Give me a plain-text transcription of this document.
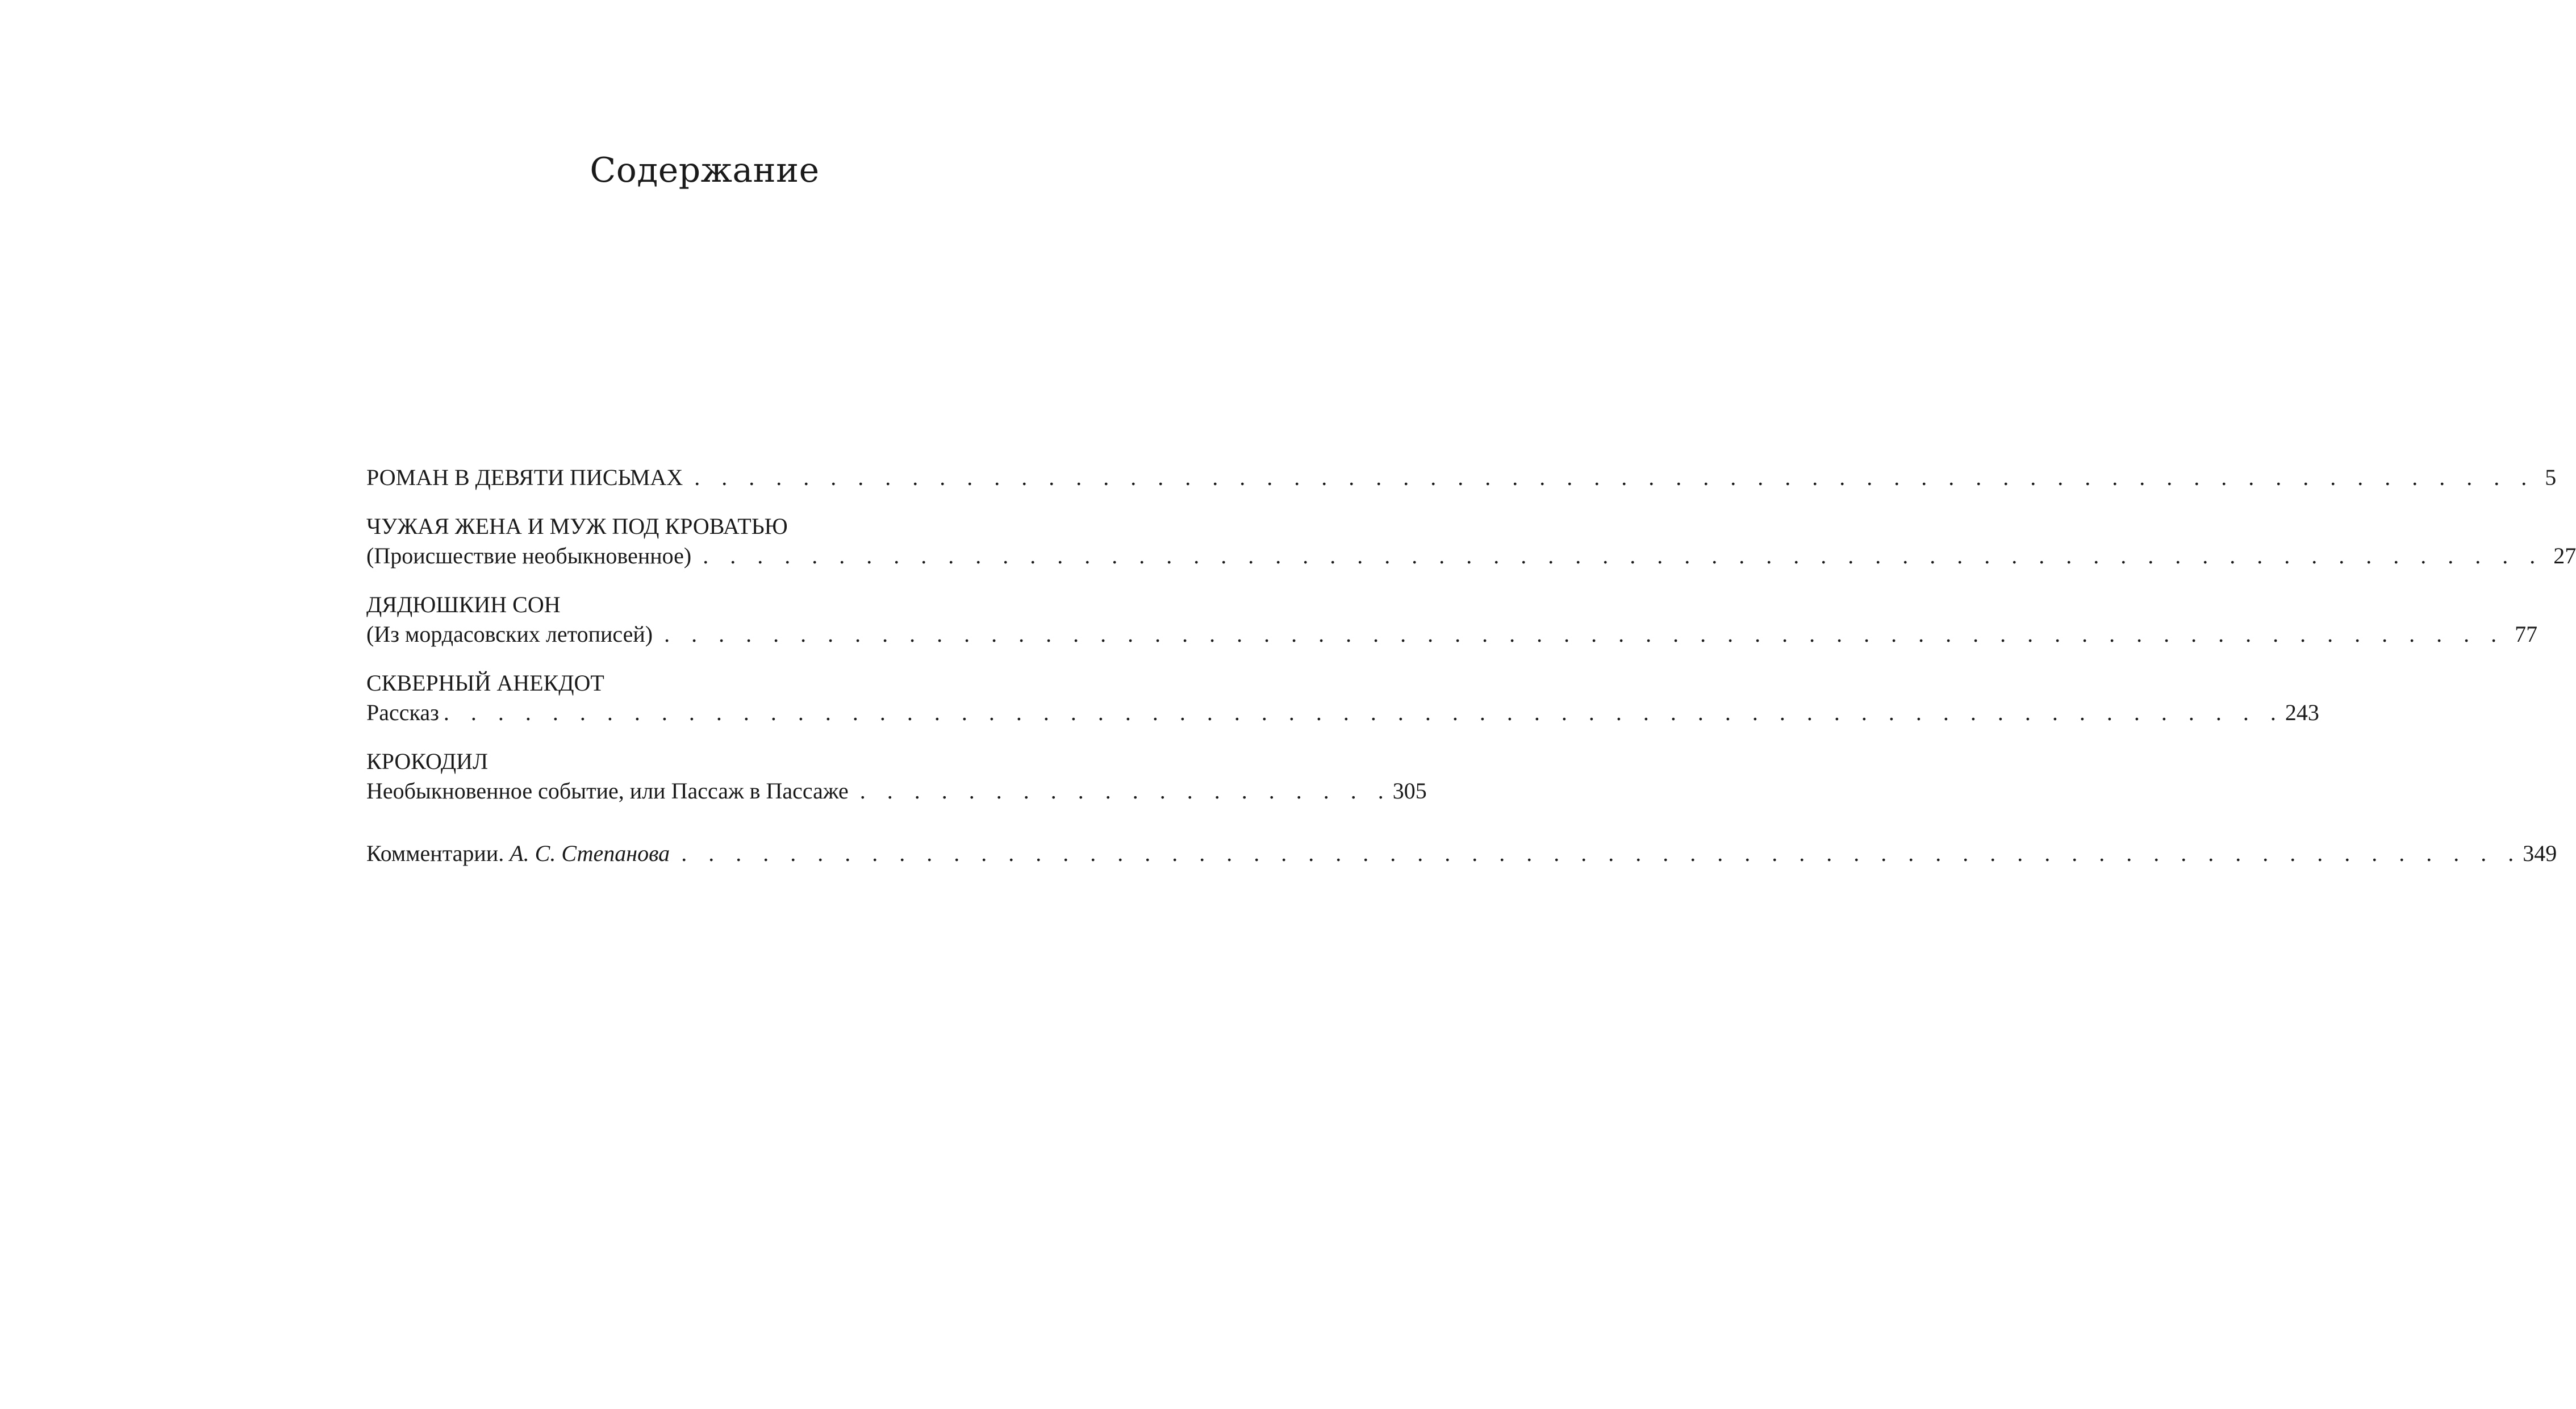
Содержание
РОМАН В ДЕВЯТИ ПИСЬМАХ . . . . . . . . . . . . . . . . . . . . . . . . . . . . . . . . . . . . . . . . . . . . . . . . . . . . . . . . . . . . . . . . . . . . 5
ЧУЖАЯ ЖЕНА И МУЖ ПОД КРОВАТЬЮ
(Происшествие необыкновенное) . . . . . . . . . . . . . . . . . . . . . . . . . . . . . . . . . . . . . . . . . . . . . . . . . . . . . . . . . . . . . . . . . . . . 27
ДЯДЮШКИН СОН
(Из мордасовских летописей) . . . . . . . . . . . . . . . . . . . . . . . . . . . . . . . . . . . . . . . . . . . . . . . . . . . . . . . . . . . . . . . . . . . . 77
СКВЕРНЫЙ АНЕКДОТ
Рассказ . . . . . . . . . . . . . . . . . . . . . . . . . . . . . . . . . . . . . . . . . . . . . . . . . . . . . . . . . . . . . . . . . . . . 243
КРОКОДИЛ
Необыкновенное событие, или Пассаж в Пассаже . . . . . . . . . . . . . . . . . . . . 305
Комментарии. А. С. Степанова . . . . . . . . . . . . . . . . . . . . . . . . . . . . . . . . . . . . . . . . . . . . . . . . . . . . . . . . . . . . . . . . . . . . 349
